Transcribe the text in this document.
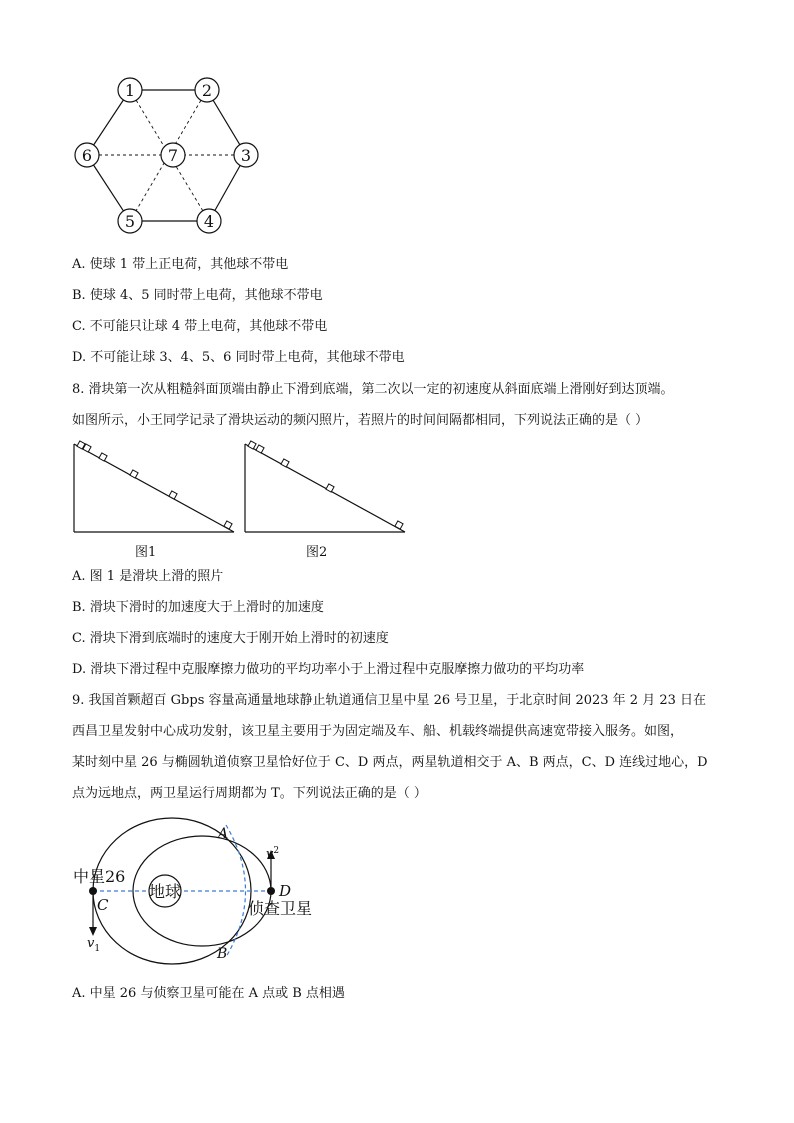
1	2
3
4
5
6	7
A. 使球 1 带上正电荷，其他球不带电
B. 使球 4、5 同时带上电荷，其他球不带电
C. 不可能只让球 4 带上电荷，其他球不带电
D. 不可能让球 3、4、5、6 同时带上电荷，其他球不带电
8. 滑块第一次从粗糙斜面顶端由静止下滑到底端，第二次以一定的初速度从斜面底端上滑刚好到达顶端。
如图所示，小王同学记录了滑块运动的频闪照片，若照片的时间间隔都相同，下列说法正确的是（ ）
图1	图2
A. 图 1 是滑块上滑的照片
B. 滑块下滑时的加速度大于上滑时的加速度
C. 滑块下滑到底端时的速度大于刚开始上滑时的初速度
D. 滑块下滑过程中克服摩擦力做功的平均功率小于上滑过程中克服摩擦力做功的平均功率
9. 我国首颗超百 Gbps 容量高通量地球静止轨道通信卫星中星 26 号卫星，于北京时间 2023 年 2 月 23 日在
西昌卫星发射中心成功发射，该卫星主要用于为固定端及车、船、机载终端提供高速宽带接入服务。如图，
某时刻中星 26 与椭圆轨道侦察卫星恰好位于 C、D 两点，两星轨道相交于 A、B 两点，C、D 连线过地心，D
点为远地点，两卫星运行周期都为 T。下列说法正确的是（ ）
A
B
C
D
中星26
地球
侦查卫星
$v_1$
$v^2$
A. 中星 26 与侦察卫星可能在 A 点或 B 点相遇
